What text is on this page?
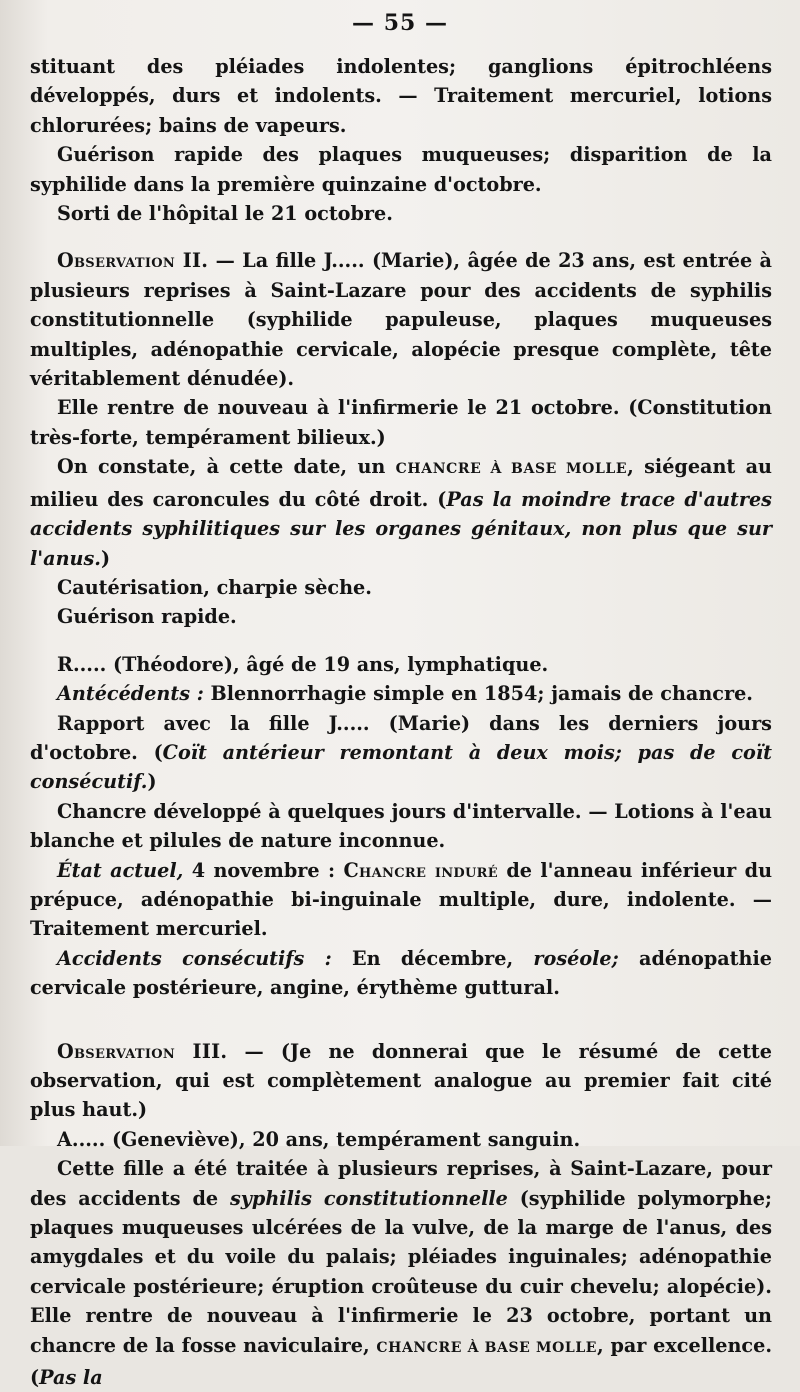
— 55 —

stituant des pléiades indolentes; ganglions épitrochléens développés, durs et indolents. — Traitement mercuriel, lotions chlorurées; bains de vapeurs.

Guérison rapide des plaques muqueuses; disparition de la syphilide dans la première quinzaine d'octobre.

Sorti de l'hôpital le 21 octobre.

Observation II. — La fille J..... (Marie), âgée de 23 ans, est entrée à plusieurs reprises à Saint-Lazare pour des accidents de syphilis constitutionnelle (syphilide papuleuse, plaques muqueuses multiples, adénopathie cervicale, alopécie presque complète, tête véritablement dénudée).

Elle rentre de nouveau à l'infirmerie le 21 octobre. (Constitution très-forte, tempérament bilieux.)

On constate, à cette date, un CHANCRE À BASE MOLLE, siégeant au milieu des caroncules du côté droit. (Pas la moindre trace d'autres accidents syphilitiques sur les organes génitaux, non plus que sur l'anus.)

Cautérisation, charpie sèche.

Guérison rapide.

R..... (Théodore), âgé de 19 ans, lymphatique.

Antécédents : Blennorrhagie simple en 1854; jamais de chancre.

Rapport avec la fille J..... (Marie) dans les derniers jours d'octobre. (Coït antérieur remontant à deux mois; pas de coït consécutif.)

Chancre développé à quelques jours d'intervalle. — Lotions à l'eau blanche et pilules de nature inconnue.

État actuel, 4 novembre : Chancre induré de l'anneau inférieur du prépuce, adénopathie bi-inguinale multiple, dure, indolente. — Traitement mercuriel.

Accidents consécutifs : En décembre, roséole; adénopathie cervicale postérieure, angine, érythème guttural.

Observation III. — (Je ne donnerai que le résumé de cette observation, qui est complètement analogue au premier fait cité plus haut.)

A..... (Geneviève), 20 ans, tempérament sanguin.

Cette fille a été traitée à plusieurs reprises, à Saint-Lazare, pour des accidents de syphilis constitutionnelle (syphilide polymorphe; plaques muqueuses ulcérées de la vulve, de la marge de l'anus, des amygdales et du voile du palais; pléiades inguinales; adénopathie cervicale postérieure; éruption croûteuse du cuir chevelu; alopécie). Elle rentre de nouveau à l'infirmerie le 23 octobre, portant un chancre de la fosse naviculaire, CHANCRE À BASE MOLLE, par excellence. (Pas la
